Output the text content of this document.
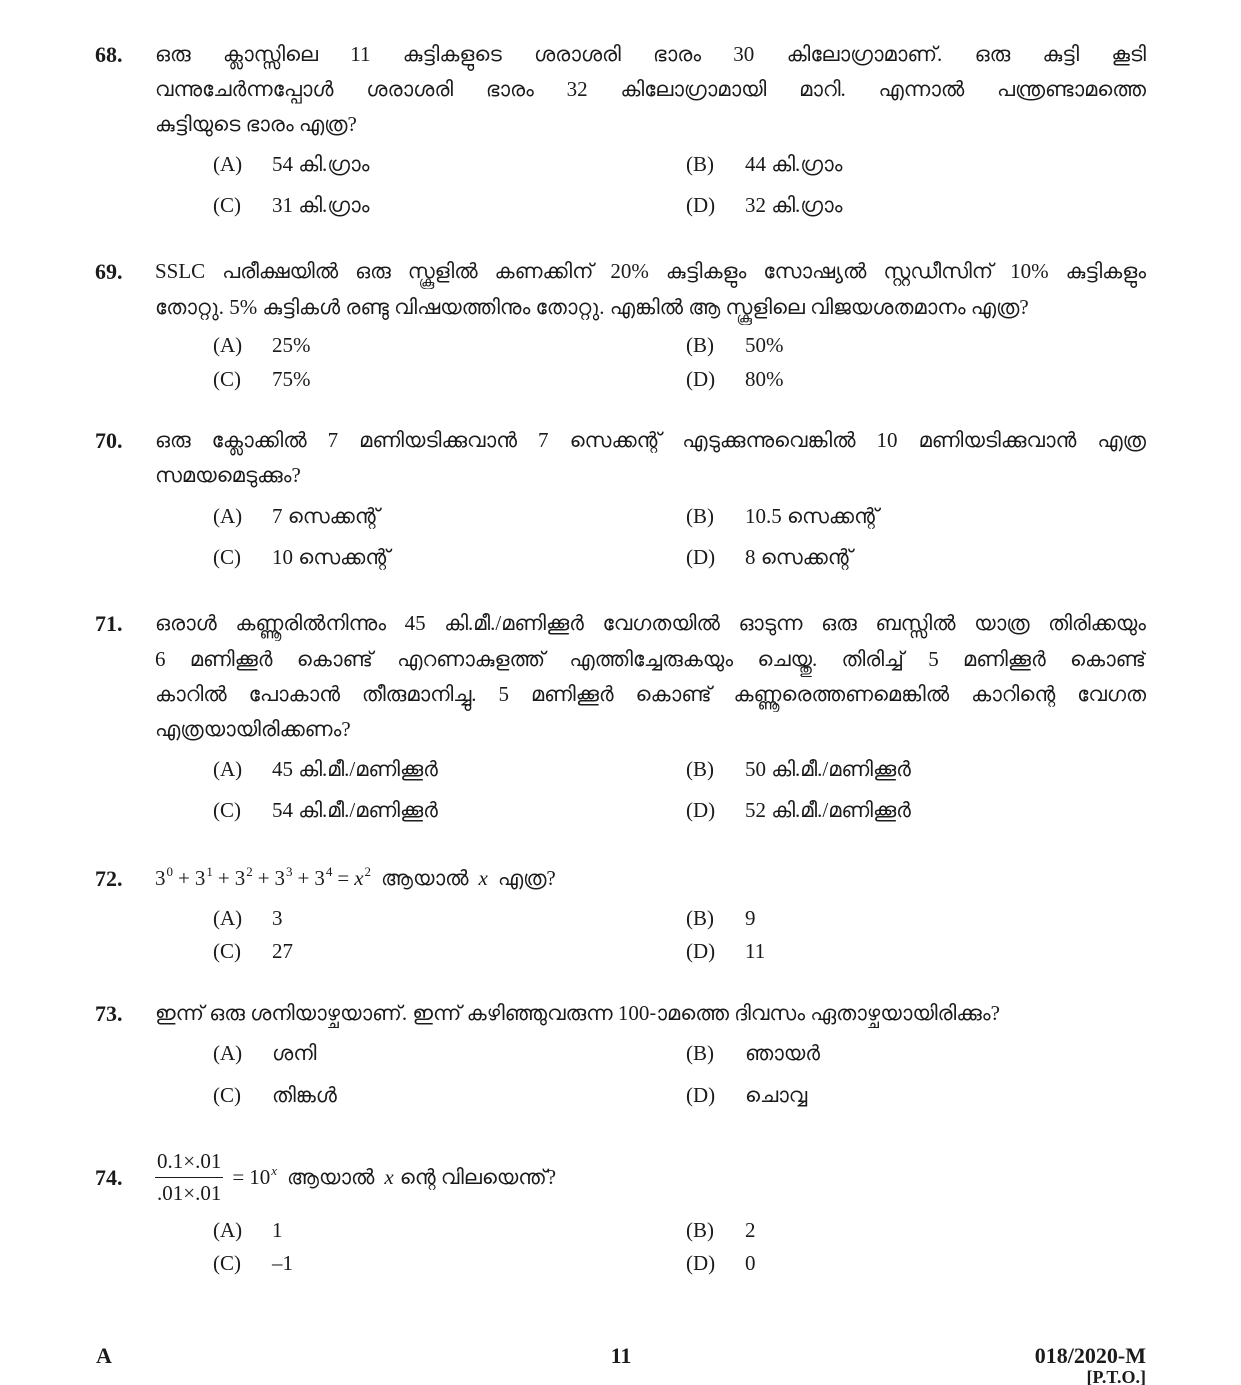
68. ഒരു ക്ലാസ്സിലെ 11 കുട്ടികളുടെ ശരാശരി ഭാരം 30 കിലോഗ്രാമാണ്. ഒരു കുട്ടി കൂടി
വന്നുചേർന്നപ്പോൾ ശരാശരി ഭാരം 32 കിലോഗ്രാമായി മാറി. എന്നാൽ പന്ത്രണ്ടാമത്തെ
കുട്ടിയുടെ ഭാരം എത്ര?
(A) 54 കി.ഗ്രാം	(B) 44 കി.ഗ്രാം
(C) 31 കി.ഗ്രാം	(D) 32 കി.ഗ്രാം
69. SSLC പരീക്ഷയിൽ ഒരു സ്കൂളിൽ കണക്കിന് 20% കുട്ടികളും സോഷ്യൽ സ്റ്റഡീസിന് 10% കുട്ടികളും
തോറ്റു. 5% കുട്ടികൾ രണ്ടു വിഷയത്തിനും തോറ്റു. എങ്കിൽ ആ സ്കൂളിലെ വിജയശതമാനം എത്ര?
(A) 25%	(B) 50%
(C) 75%	(D) 80%
70. ഒരു ക്ലോക്കിൽ 7 മണിയടിക്കുവാൻ 7 സെക്കന്റ് എടുക്കുന്നുവെങ്കിൽ 10 മണിയടിക്കുവാൻ എത്ര
സമയമെടുക്കും?
(A) 7 സെക്കന്റ്	(B) 10.5 സെക്കന്റ്
(C) 10 സെക്കന്റ്	(D) 8 സെക്കന്റ്
71. ഒരാൾ കണ്ണൂരിൽനിന്നും 45 കി.മീ./മണിക്കൂർ വേഗതയിൽ ഓടുന്ന ഒരു ബസ്സിൽ യാത്ര തിരിക്കയും
6 മണിക്കൂർ കൊണ്ട് എറണാകുളത്ത് എത്തിച്ചേരുകയും ചെയ്തു. തിരിച്ച് 5 മണിക്കൂർ കൊണ്ട്
കാറിൽ പോകാൻ തീരുമാനിച്ചു. 5 മണിക്കൂർ കൊണ്ട് കണ്ണൂരെത്തണമെങ്കിൽ കാറിന്റെ വേഗത
എത്രയായിരിക്കണം?
(A) 45 കി.മീ./മണിക്കൂർ	(B) 50 കി.മീ./മണിക്കൂർ
(C) 54 കി.മീ./മണിക്കൂർ	(D) 52 കി.മീ./മണിക്കൂർ
72. $3^0 + 3^1 + 3^2 + 3^3 + 3^4 = x^2$ ആയാൽ x എത്ര?
(A) 3	(B) 9
(C) 27	(D) 11
73. ഇന്ന് ഒരു ശനിയാഴ്ചയാണ്. ഇന്ന് കഴിഞ്ഞുവരുന്ന 100-ാമത്തെ ദിവസം ഏതാഴ്ചയായിരിക്കും?
(A) ശനി	(B) ഞായർ
(C) തിങ്കൾ	(D) ചൊവ്വ
74. $\frac{0.1\times.01}{.01\times.01} = 10^x$ ആയാൽ x ന്റെ വിലയെന്ത്?
(A) 1	(B) 2
(C) –1	(D) 0
A	11	018/2020-M
[P.T.O.]
